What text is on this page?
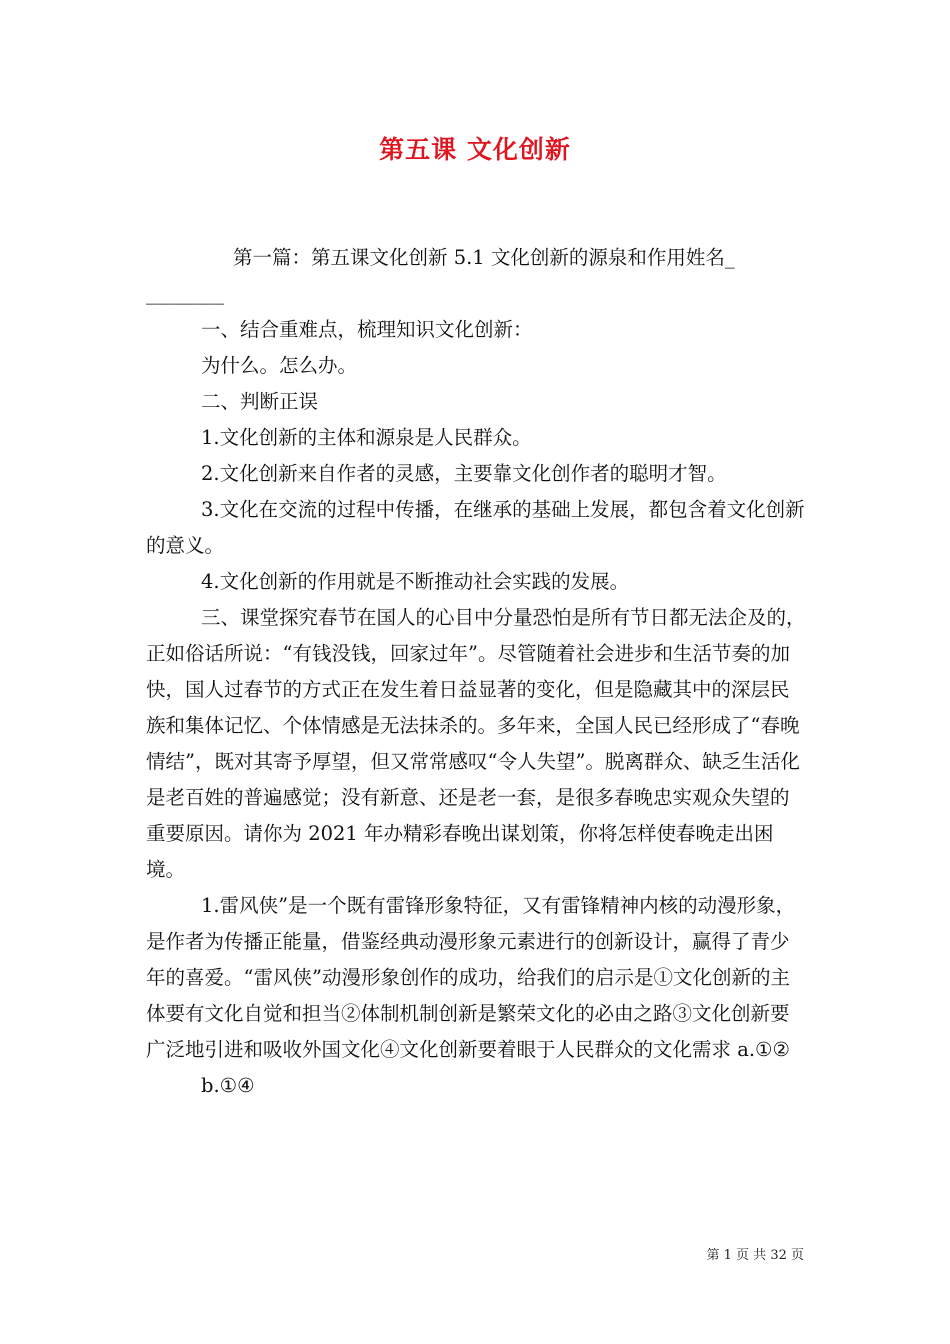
第五课 文化创新

第一篇：第五课文化创新 5.1 文化创新的源泉和作用姓名_ ________

一、结合重难点，梳理知识文化创新：

为什么。怎么办。

二、判断正误

1.文化创新的主体和源泉是人民群众。

2.文化创新来自作者的灵感，主要靠文化创作者的聪明才智。

3.文化在交流的过程中传播，在继承的基础上发展，都包含着文化创新的意义。

4.文化创新的作用就是不断推动社会实践的发展。

三、课堂探究春节在国人的心目中分量恐怕是所有节日都无法企及的，正如俗话所说：“有钱没钱，回家过年”。尽管随着社会进步和生活节奏的加快，国人过春节的方式正在发生着日益显著的变化，但是隐藏其中的深层民族和集体记忆、个体情感是无法抹杀的。多年来，全国人民已经形成了“春晚情结”，既对其寄予厚望，但又常常感叹“令人失望”。脱离群众、缺乏生活化是老百姓的普遍感觉；没有新意、还是老一套，是很多春晚忠实观众失望的重要原因。请你为 2021 年办精彩春晚出谋划策，你将怎样使春晚走出困境。

1.雷风侠”是一个既有雷锋形象特征，又有雷锋精神内核的动漫形象，是作者为传播正能量，借鉴经典动漫形象元素进行的创新设计，赢得了青少年的喜爱。“雷风侠”动漫形象创作的成功，给我们的启示是①文化创新的主体要有文化自觉和担当②体制机制创新是繁荣文化的必由之路③文化创新要广泛地引进和吸收外国文化④文化创新要着眼于人民群众的文化需求 a.①②

b.①④

第 1 页 共 32 页
